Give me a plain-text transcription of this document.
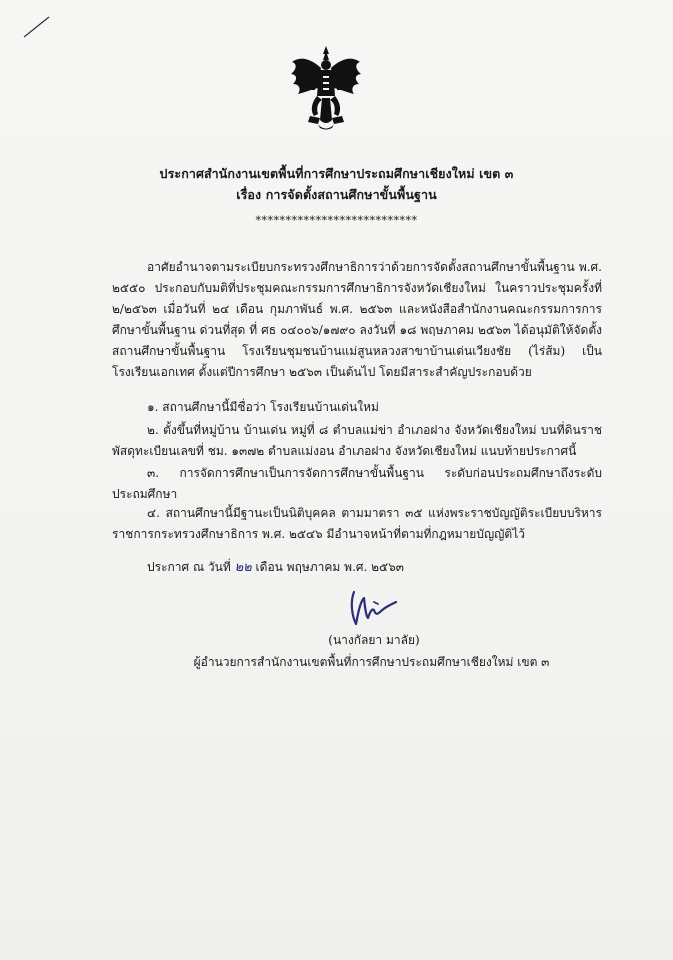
ประกาศสำนักงานเขตพื้นที่การศึกษาประถมศึกษาเชียงใหม่ เขต ๓
เรื่อง การจัดตั้งสถานศึกษาขั้นพื้นฐาน
***************************
อาศัยอำนาจตามระเบียบกระทรวงศึกษาธิการว่าด้วยการจัดตั้งสถานศึกษาขั้นพื้นฐาน พ.ศ. ๒๕๕๐ ประกอบกับมติที่ประชุมคณะกรรมการศึกษาธิการจังหวัดเชียงใหม่ ในคราวประชุมครั้งที่ ๒/๒๕๖๓ เมื่อวันที่ ๒๔ เดือน กุมภาพันธ์ พ.ศ. ๒๕๖๓ และหนังสือสำนักงานคณะกรรมการการศึกษาขั้นพื้นฐาน ด่วนที่สุด ที่ ศธ ๐๔๐๐๖/๑๗๙๐ ลงวันที่ ๑๘ พฤษภาคม ๒๕๖๓ ได้อนุมัติให้จัดตั้งสถานศึกษาขั้นพื้นฐาน โรงเรียนชุมชนบ้านแม่สูนหลวงสาขาบ้านเด่นเวียงชัย (ไร่ส้ม) เป็นโรงเรียนเอกเทศ ตั้งแต่ปีการศึกษา ๒๕๖๓ เป็นต้นไป โดยมีสาระสำคัญประกอบด้วย
๑. สถานศึกษานี้มีชื่อว่า โรงเรียนบ้านเด่นใหม่
๒. ตั้งขึ้นที่หมู่บ้าน บ้านเด่น หมู่ที่ ๘ ตำบลแม่ข่า อำเภอฝาง จังหวัดเชียงใหม่ บนที่ดินราชพัสดุทะเบียนเลขที่ ชม. ๑๓๗๒ ตำบลแม่งอน อำเภอฝาง จังหวัดเชียงใหม่ แนบท้ายประกาศนี้
๓. การจัดการศึกษาเป็นการจัดการศึกษาขั้นพื้นฐาน ระดับก่อนประถมศึกษาถึงระดับประถมศึกษา
๔. สถานศึกษานี้มีฐานะเป็นนิติบุคคล ตามมาตรา ๓๕ แห่งพระราชบัญญัติระเบียบบริหารราชการกระทรวงศึกษาธิการ พ.ศ. ๒๕๔๖ มีอำนาจหน้าที่ตามที่กฎหมายบัญญัติไว้
ประกาศ ณ วันที่ ๒๒ เดือน พฤษภาคม พ.ศ. ๒๕๖๓
(นางกัลยา มาลัย)
ผู้อำนวยการสำนักงานเขตพื้นที่การศึกษาประถมศึกษาเชียงใหม่ เขต ๓
